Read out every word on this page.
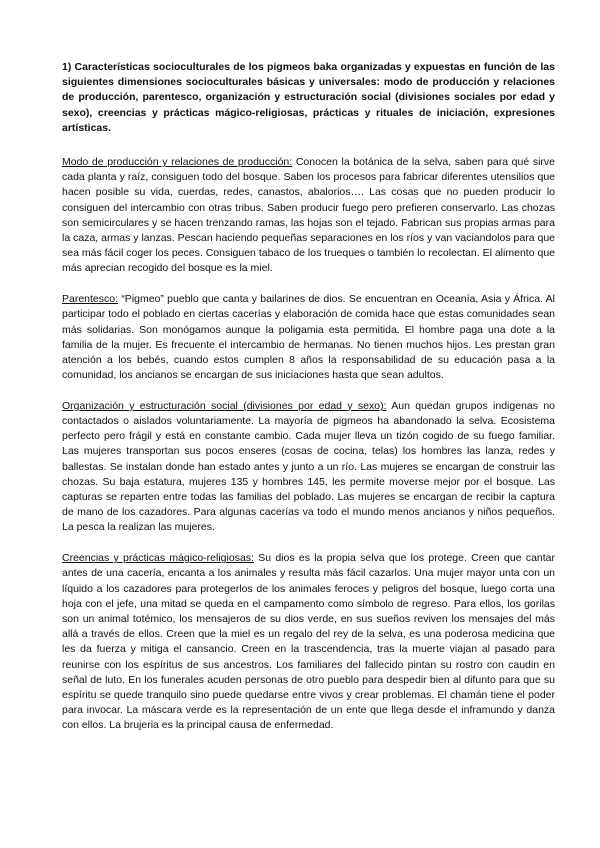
1) Características socioculturales de los pigmeos baka organizadas y expuestas en función de las siguientes dimensiones socioculturales básicas y universales: modo de producción y relaciones de producción, parentesco, organización y estructuración social (divisiones sociales por edad y sexo), creencias y prácticas mágico-religiosas, prácticas y rituales de iniciación, expresiones artísticas.

Modo de producción y relaciones de producción: Conocen la botánica de la selva, saben para qué sirve cada planta y raíz, consiguen todo del bosque. Saben los procesos para fabricar diferentes utensilios que hacen posible su vida, cuerdas, redes, canastos, abalorios…. Las cosas que no pueden producir lo consiguen del intercambio con otras tribus. Saben producir fuego pero prefieren conservarlo. Las chozas son semicirculares y se hacen trenzando ramas, las hojas son el tejado. Fabrican sus propias armas para la caza, armas y lanzas. Pescan haciendo pequeñas separaciones en los ríos y van vaciandolos para que sea más fácil coger los peces. Consiguen tabaco de los trueques o también lo recolectan. El alimento que más aprecian recogido del bosque es la miel.

Parentesco: “Pigmeo” pueblo que canta y bailarines de dios. Se encuentran en Oceanía, Asia y África. Al participar todo el poblado en ciertas cacerías y elaboración de comida hace que estas comunidades sean más solidarias. Son monógamos aunque la poligamia esta permitida. El hombre paga una dote a la familia de la mujer. Es frecuente el intercambio de hermanas. No tienen muchos hijos. Les prestan gran atención a los bebés, cuando estos cumplen 8 años la responsabilidad de su educación pasa a la comunidad, los ancianos se encargan de sus iniciaciones hasta que sean adultos.

Organización y estructuración social (divisiones por edad y sexo): Aun quedan grupos indigenas no contactados o aislados voluntariamente. La mayoría de pigmeos ha abandonado la selva. Ecosistema perfecto pero frágil y está en constante cambio. Cada mujer lleva un tizón cogido de su fuego familiar. Las mujeres transportan sus pocos enseres (cosas de cocina, telas) los hombres las lanza, redes y ballestas. Se instalan donde han estado antes y junto a un río. Las mujeres se encargan de construir las chozas. Su baja estatura, mujeres 135 y hombres 145, les permite moverse mejor por el bosque. Las capturas se reparten entre todas las familias del poblado. Las mujeres se encargan de recibir la captura de mano de los cazadores. Para algunas cacerías va todo el mundo menos ancianos y niños pequeños. La pesca la realizan las mujeres.

Creencias y prácticas mágico-religiosas: Su dios es la propia selva que los protege. Creen que cantar antes de una cacería, encanta a los animales y resulta más fácil cazarlos. Una mujer mayor unta con un líquido a los cazadores para protegerlos de los animales feroces y peligros del bosque, luego corta una hoja con el jefe, una mitad se queda en el campamento como símbolo de regreso. Para ellos, los gorilas son un animal totémico, los mensajeros de su dios verde, en sus sueños reviven los mensajes del más allá a través de ellos. Creen que la miel es un regalo del rey de la selva, es una poderosa medicina que les da fuerza y mitiga el cansancio. Creen en la trascendencia, tras la muerte viajan al pasado para reunirse con los espíritus de sus ancestros. Los familiares del fallecido pintan su rostro con caudin en señal de luto. En los funerales acuden personas de otro pueblo para despedir bien al difunto para que su espíritu se quede tranquilo sino puede quedarse entre vivos y crear problemas. El chamán tiene el poder para invocar. La máscara verde es la representación de un ente que llega desde el inframundo y danza con ellos. La brujeria es la principal causa de enfermedad.
